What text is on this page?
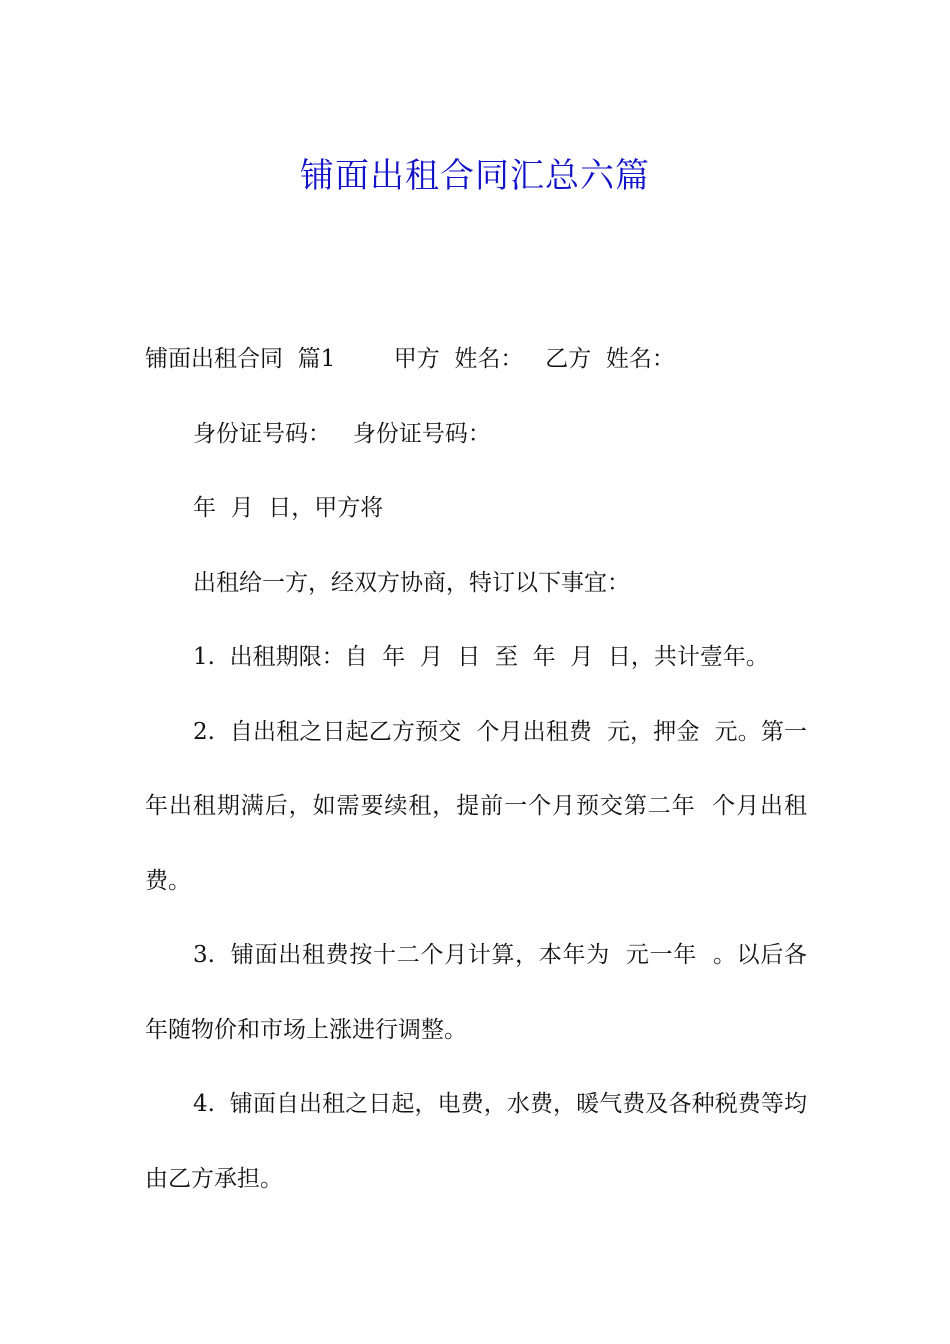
铺面出租合同汇总六篇

铺面出租合同  篇1        甲方  姓名：   乙方  姓名：

身份证号码：   身份证号码：

年  月  日，甲方将

出租给一方，经双方协商，特订以下事宜：

1.  出租期限：自  年  月  日  至  年  月  日，共计壹年。

2.  自出租之日起乙方预交  个月出租费  元，押金  元。第一年出租期满后，如需要续租，提前一个月预交第二年  个月出租费。

3.  铺面出租费按十二个月计算，本年为  元一年  。以后各年随物价和市场上涨进行调整。

4.  铺面自出租之日起，电费，水费，暖气费及各种税费等均由乙方承担。
